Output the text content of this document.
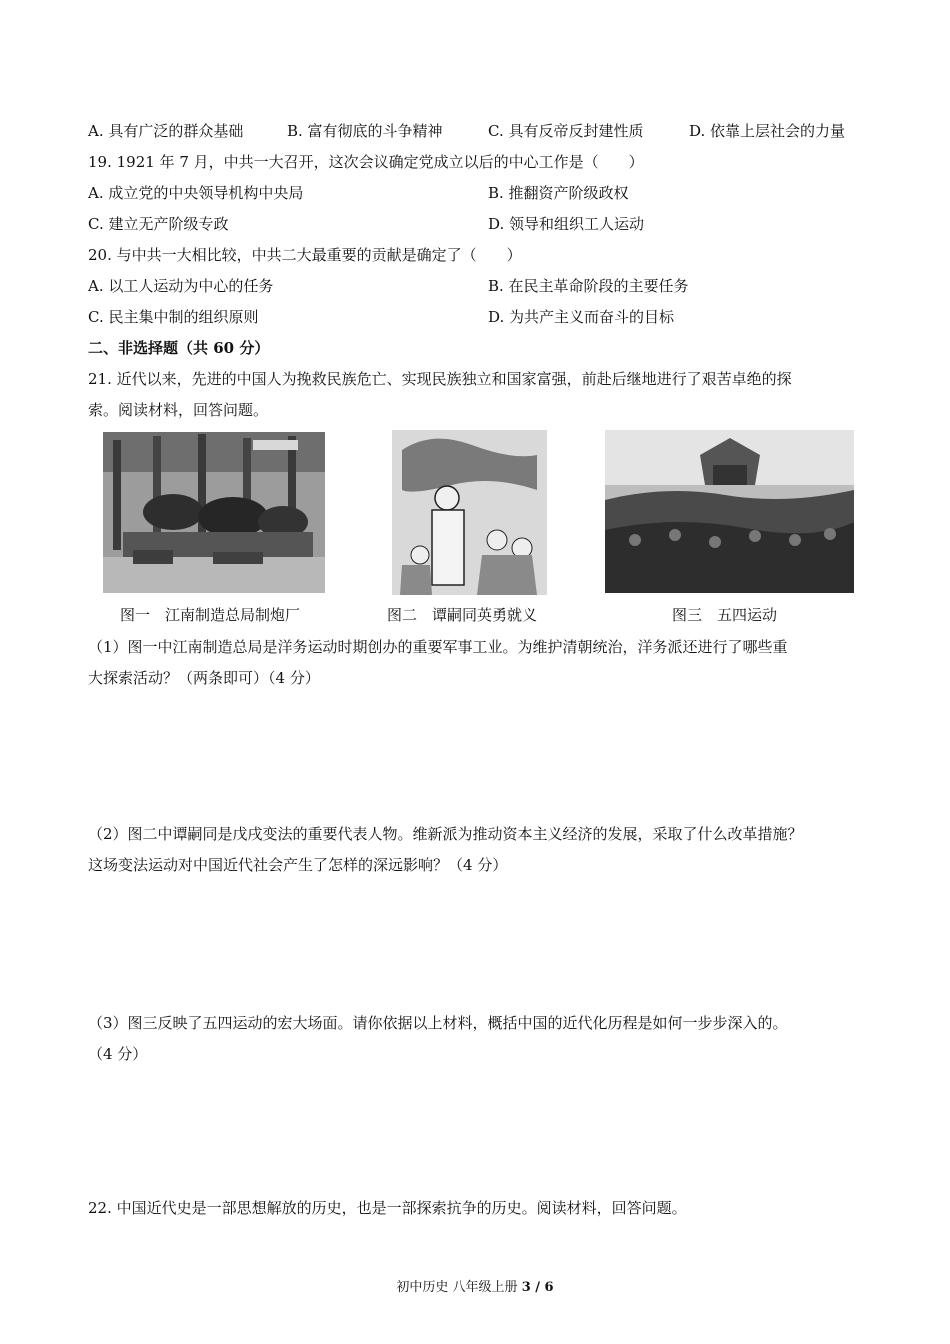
A. 具有广泛的群众基础	B. 富有彻底的斗争精神	C. 具有反帝反封建性质	D. 依靠上层社会的力量
19. 1921 年 7 月，中共一大召开，这次会议确定党成立以后的中心工作是（　　）
A. 成立党的中央领导机构中央局	B. 推翻资产阶级政权
C. 建立无产阶级专政	D. 领导和组织工人运动
20. 与中共一大相比较，中共二大最重要的贡献是确定了（　　）
A. 以工人运动为中心的任务	B. 在民主革命阶段的主要任务
C. 民主集中制的组织原则	D. 为共产主义而奋斗的目标
二、非选择题（共 60 分）
21. 近代以来，先进的中国人为挽救民族危亡、实现民族独立和国家富强，前赴后继地进行了艰苦卓绝的探
索。阅读材料，回答问题。
图一　江南制造总局制炮厂	图二　谭嗣同英勇就义	图三　五四运动
（1）图一中江南制造总局是洋务运动时期创办的重要军事工业。为维护清朝统治，洋务派还进行了哪些重
大探索活动？（两条即可）（4 分）
（2）图二中谭嗣同是戊戌变法的重要代表人物。维新派为推动资本主义经济的发展，采取了什么改革措施？
这场变法运动对中国近代社会产生了怎样的深远影响？（4 分）
（3）图三反映了五四运动的宏大场面。请你依据以上材料，概括中国的近代化历程是如何一步步深入的。
（4 分）
22. 中国近代史是一部思想解放的历史，也是一部探索抗争的历史。阅读材料，回答问题。
初中历史 八年级上册 3 / 6
